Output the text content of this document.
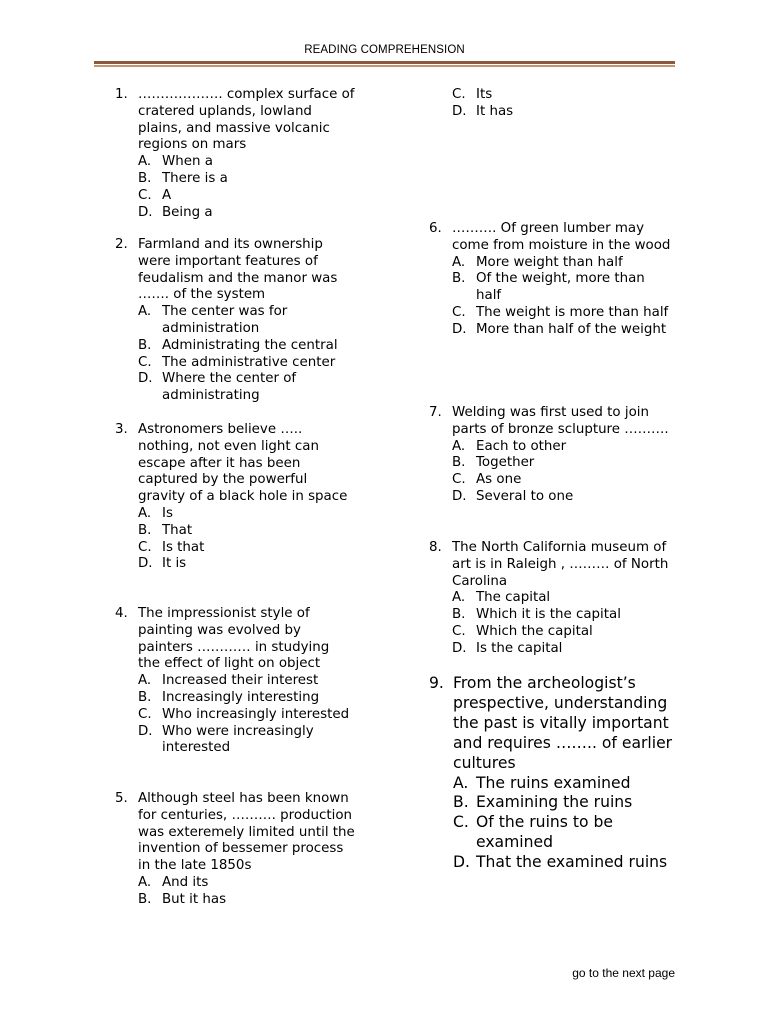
READING COMPREHENSION
1. ………………. complex surface of cratered uplands, lowland plains, and massive volcanic regions on mars
A. When a
B. There is a
C. A
D. Being a
2. Farmland and its ownership were important features of feudalism and the manor was ……. of the system
A. The center was for administration
B. Administrating the central
C. The administrative center
D. Where the center of administrating
3. Astronomers believe ….. nothing, not even light can escape after it has been captured by the powerful gravity of a black hole in space
A. Is
B. That
C. Is that
D. It is
4. The impressionist style of painting was evolved by painters ………… in studying the effect of light on object
A. Increased their interest
B. Increasingly interesting
C. Who increasingly interested
D. Who were increasingly interested
5. Although steel has been known for centuries, ………. production was exteremely limited until the invention of bessemer process in the late 1850s
A. And its
B. But it has
C. Its
D. It has
6. ………. Of green lumber may come from moisture in the wood
A. More weight than half
B. Of the weight, more than half
C. The weight is more than half
D. More than half of the weight
7. Welding was first used to join parts of bronze sclupture ……….
A. Each to other
B. Together
C. As one
D. Several to one
8. The North California museum of art is in Raleigh , ……… of North Carolina
A. The capital
B. Which it is the capital
C. Which the capital
D. Is the capital
9. From the archeologist’s prespective, understanding the past is vitally important and requires …….. of earlier cultures
A. The ruins examined
B. Examining the ruins
C. Of the ruins to be examined
D. That the examined ruins
go to the next page
